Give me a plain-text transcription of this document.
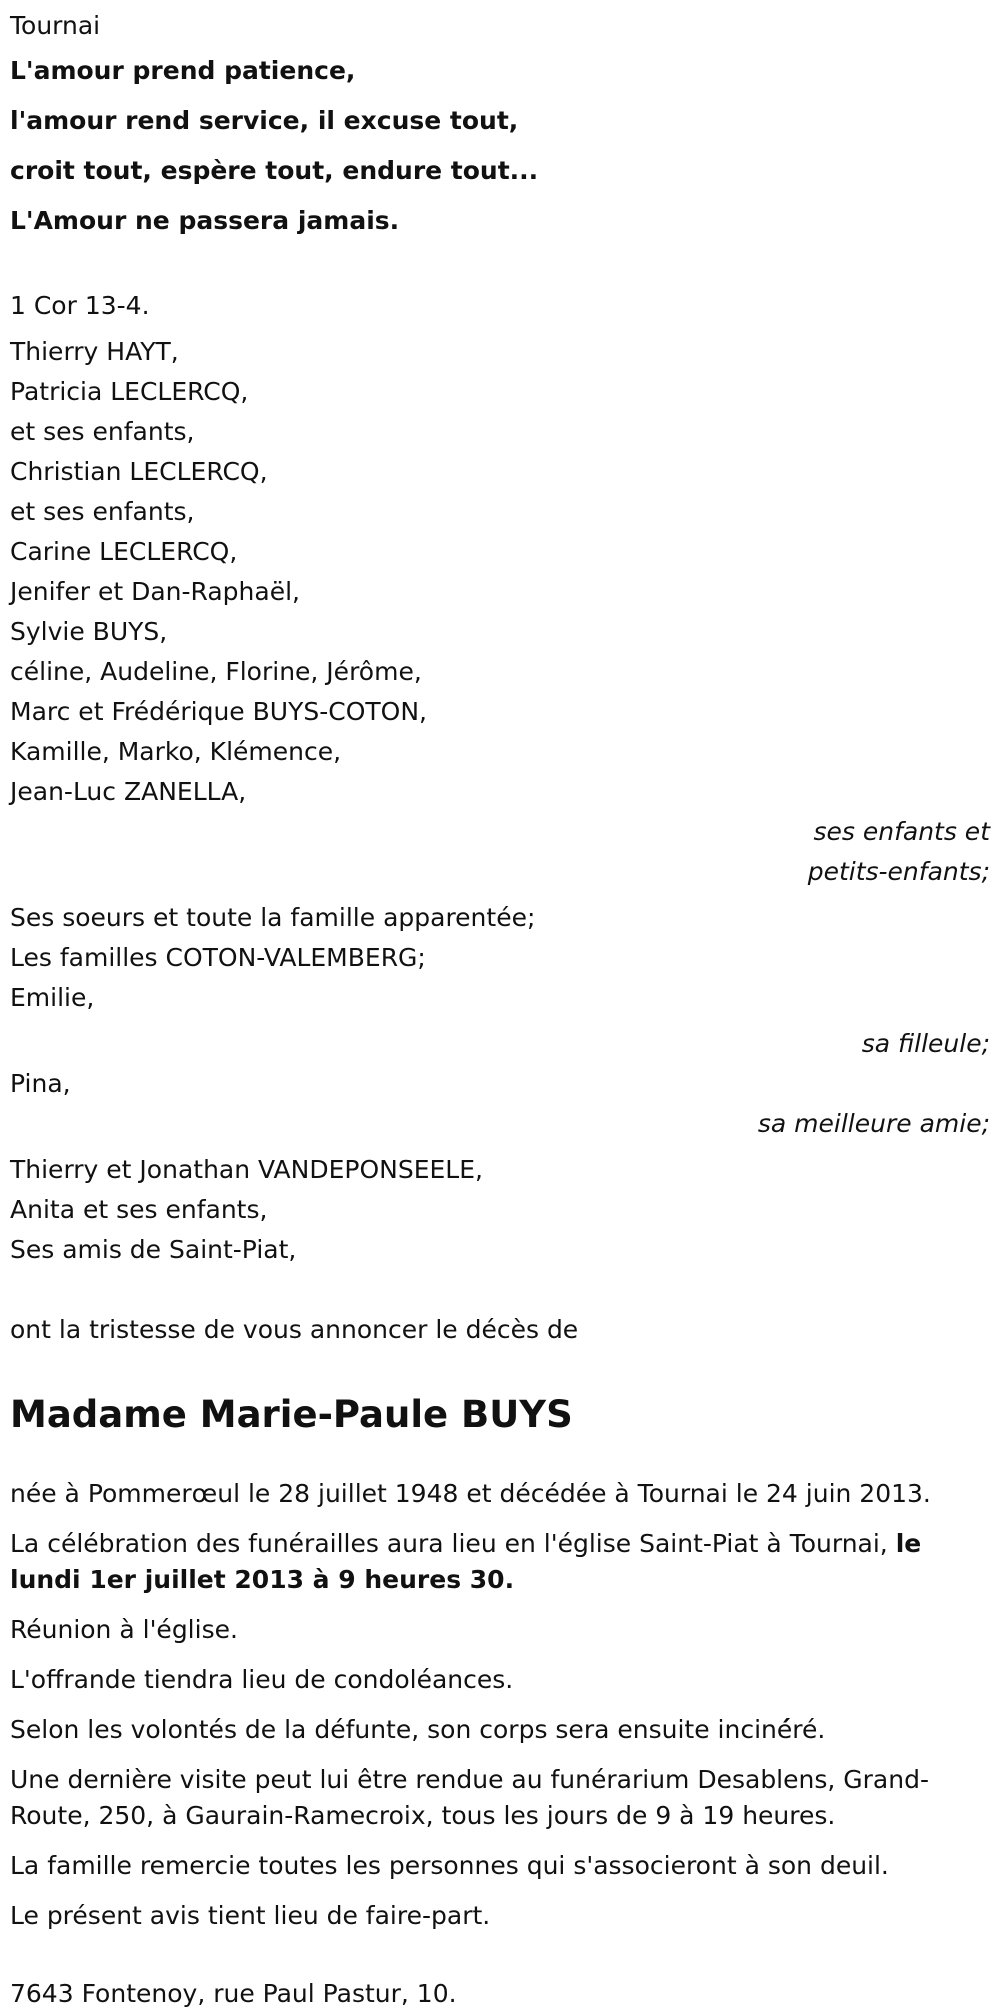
Tournai

L'amour prend patience,

l'amour rend service, il excuse tout,

croit tout, espère tout, endure tout...

L'Amour ne passera jamais.

1 Cor 13-4.

Thierry HAYT,

Patricia LECLERCQ,

et ses enfants,

Christian LECLERCQ,

et ses enfants,

Carine LECLERCQ,

Jenifer et Dan-Raphaël,

Sylvie BUYS,

céline, Audeline, Florine, Jérôme,

Marc et Frédérique BUYS-COTON,

Kamille, Marko, Klémence,

Jean-Luc ZANELLA,

ses enfants et

petits-enfants;

Ses soeurs et toute la famille apparentée;

Les familles COTON-VALEMBERG;

Emilie,

sa filleule;

Pina,

sa meilleure amie;

Thierry et Jonathan VANDEPONSEELE,

Anita et ses enfants,

Ses amis de Saint-Piat,

ont la tristesse de vous annoncer le décès de

Madame Marie-Paule BUYS

née à Pommerœul le 28 juillet 1948 et décédée à Tournai le 24 juin 2013.

La célébration des funérailles aura lieu en l'église Saint-Piat à Tournai, le lundi 1er juillet 2013 à 9 heures 30.

Réunion à l'église.

L'offrande tiendra lieu de condoléances.

Selon les volontés de la défunte, son corps sera ensuite inciné́ré.

Une dernière visite peut lui être rendue au funérarium Desablens, Grand-Route, 250, à Gaurain-Ramecroix, tous les jours de 9 à 19 heures.

La famille remercie toutes les personnes qui s'associeront à son deuil.

Le présent avis tient lieu de faire-part.

7643 Fontenoy, rue Paul Pastur, 10.
